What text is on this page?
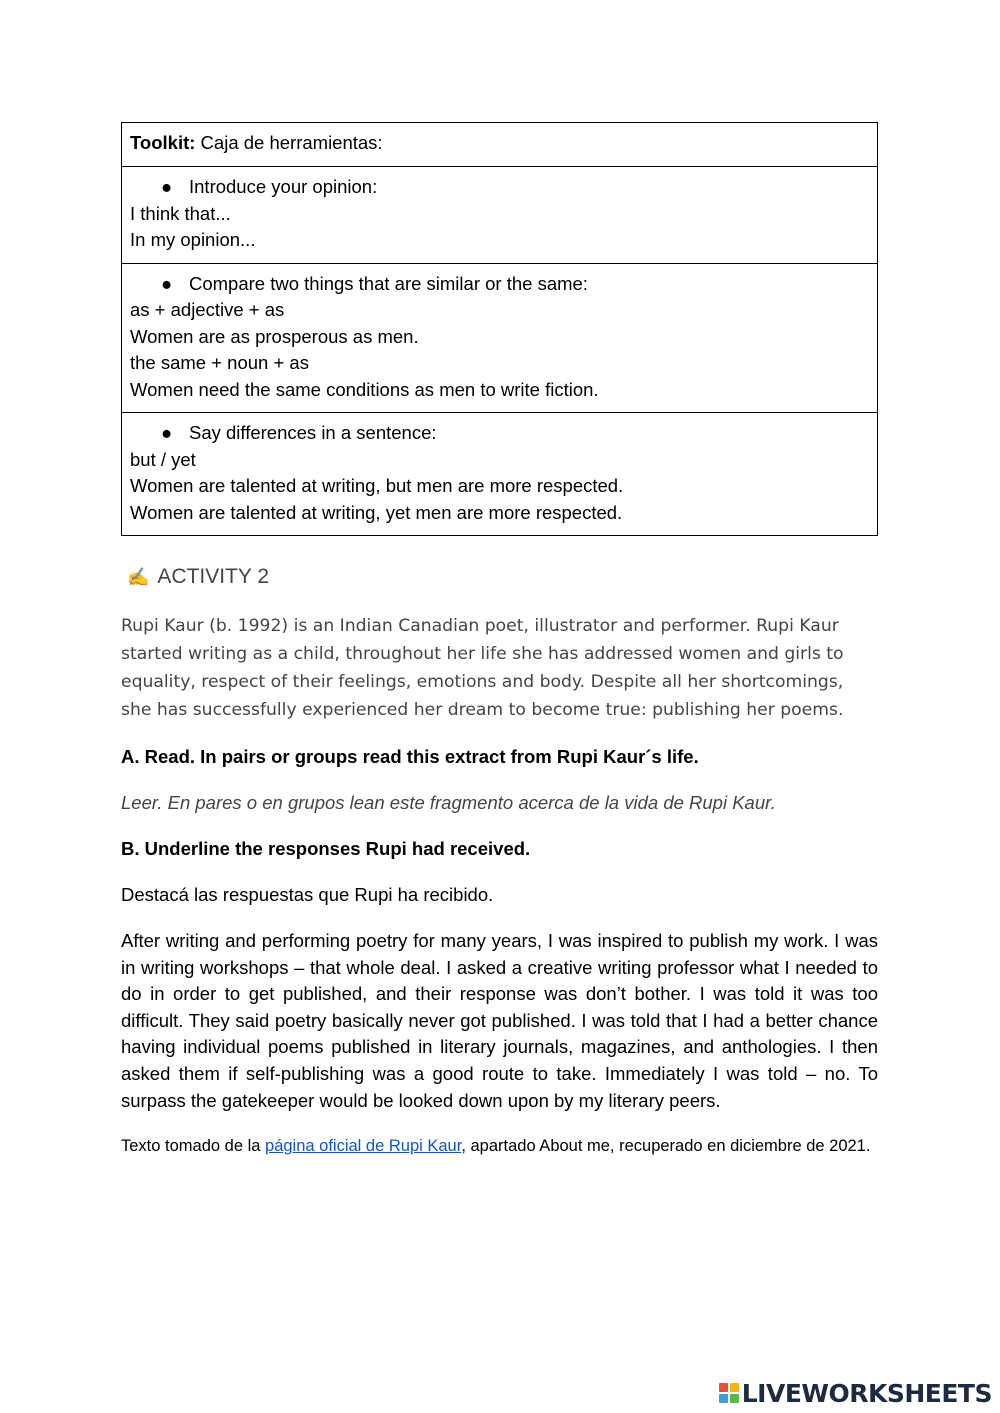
Toolkit: Caja de herramientas:

● Introduce your opinion:
I think that...
In my opinion...

● Compare two things that are similar or the same:
as + adjective + as
Women are as prosperous as men.
the same + noun + as
Women need the same conditions as men to write fiction.

● Say differences in a sentence:
but / yet
Women are talented at writing, but men are more respected.
Women are talented at writing, yet men are more respected.
✍ ACTIVITY 2
Rupi Kaur (b. 1992) is an Indian Canadian poet, illustrator and performer. Rupi Kaur started writing as a child, throughout her life she has addressed women and girls to equality, respect of their feelings, emotions and body. Despite all her shortcomings, she has successfully experienced her dream to become true: publishing her poems.
A. Read. In pairs or groups read this extract from Rupi Kaur´s life.
Leer. En pares o en grupos lean este fragmento acerca de la vida de Rupi Kaur.
B. Underline the responses Rupi had received.
Destacá las respuestas que Rupi ha recibido.
After writing and performing poetry for many years, I was inspired to publish my work. I was in writing workshops – that whole deal. I asked a creative writing professor what I needed to do in order to get published, and their response was don’t bother. I was told it was too difficult. They said poetry basically never got published. I was told that I had a better chance having individual poems published in literary journals, magazines, and anthologies. I then asked them if self-publishing was a good route to take. Immediately I was told – no. To surpass the gatekeeper would be looked down upon by my literary peers.
Texto tomado de la página oficial de Rupi Kaur, apartado About me, recuperado en diciembre de 2021.
LIVEWORKSHEETS
